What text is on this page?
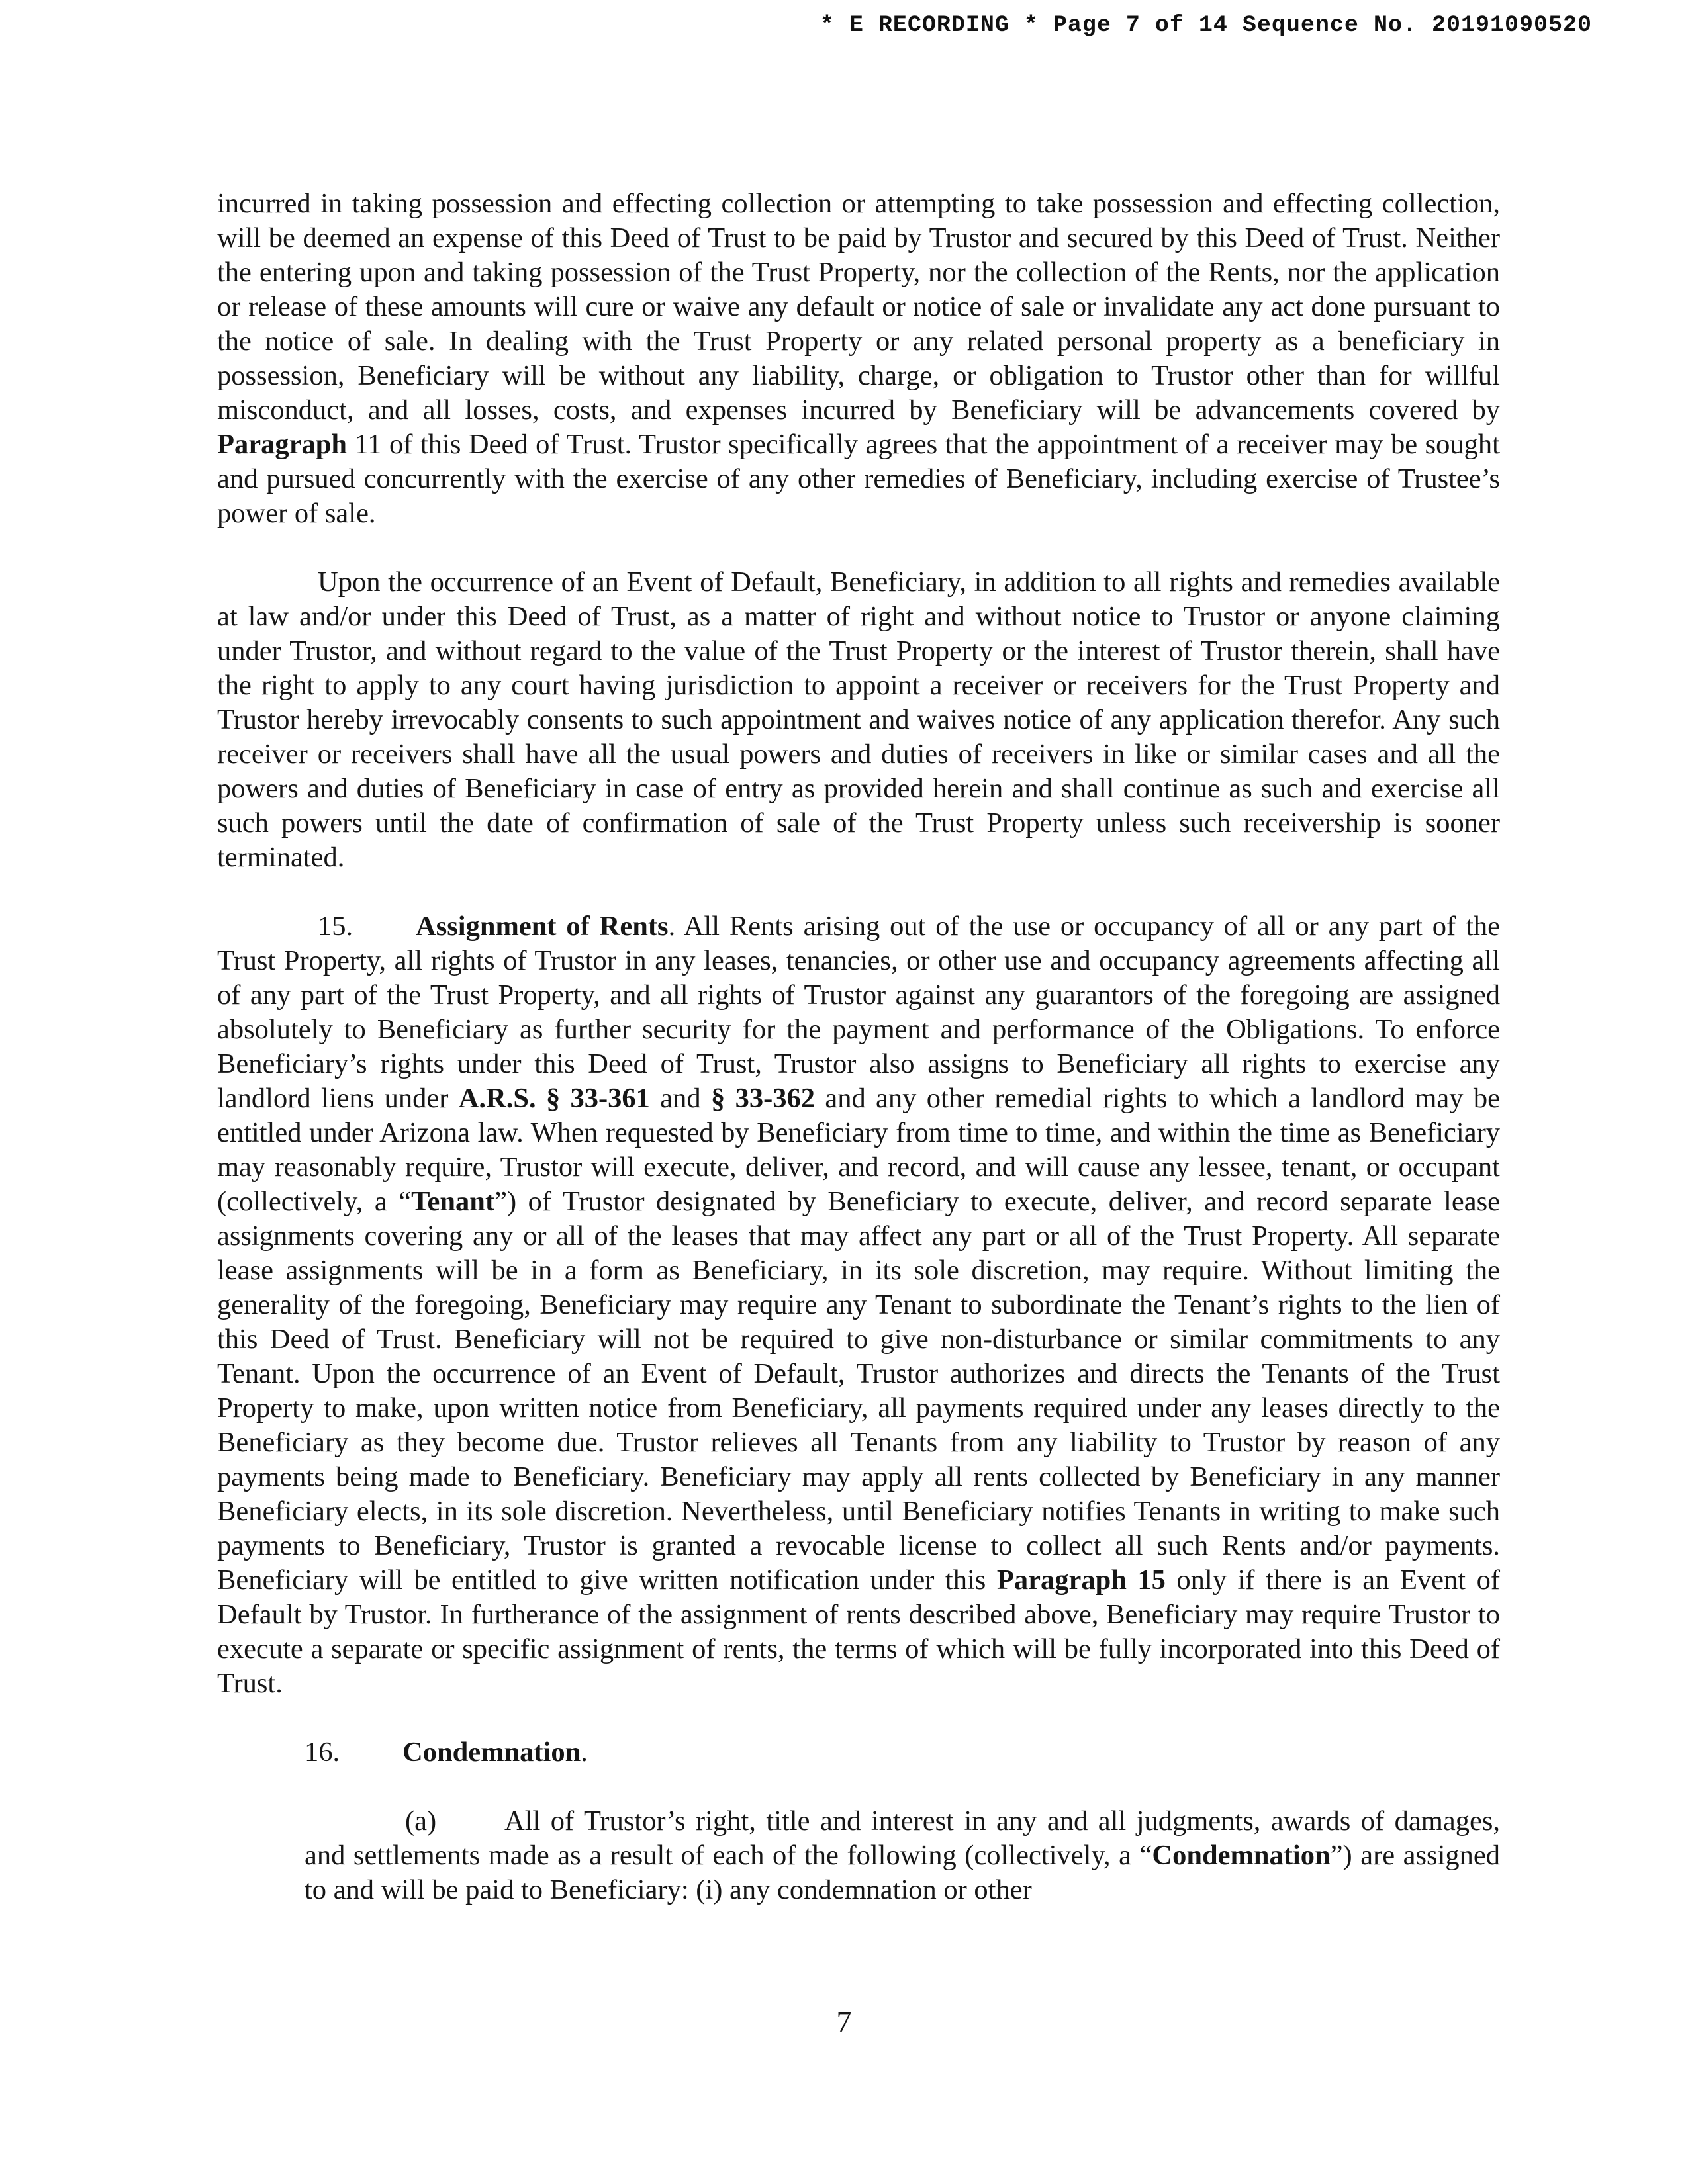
* E RECORDING * Page 7 of 14 Sequence No. 20191090520

incurred in taking possession and effecting collection or attempting to take possession and effecting collection, will be deemed an expense of this Deed of Trust to be paid by Trustor and secured by this Deed of Trust. Neither the entering upon and taking possession of the Trust Property, nor the collection of the Rents, nor the application or release of these amounts will cure or waive any default or notice of sale or invalidate any act done pursuant to the notice of sale. In dealing with the Trust Property or any related personal property as a beneficiary in possession, Beneficiary will be without any liability, charge, or obligation to Trustor other than for willful misconduct, and all losses, costs, and expenses incurred by Beneficiary will be advancements covered by Paragraph 11 of this Deed of Trust. Trustor specifically agrees that the appointment of a receiver may be sought and pursued concurrently with the exercise of any other remedies of Beneficiary, including exercise of Trustee’s power of sale.

Upon the occurrence of an Event of Default, Beneficiary, in addition to all rights and remedies available at law and/or under this Deed of Trust, as a matter of right and without notice to Trustor or anyone claiming under Trustor, and without regard to the value of the Trust Property or the interest of Trustor therein, shall have the right to apply to any court having jurisdiction to appoint a receiver or receivers for the Trust Property and Trustor hereby irrevocably consents to such appointment and waives notice of any application therefor. Any such receiver or receivers shall have all the usual powers and duties of receivers in like or similar cases and all the powers and duties of Beneficiary in case of entry as provided herein and shall continue as such and exercise all such powers until the date of confirmation of sale of the Trust Property unless such receivership is sooner terminated.

15. Assignment of Rents. All Rents arising out of the use or occupancy of all or any part of the Trust Property, all rights of Trustor in any leases, tenancies, or other use and occupancy agreements affecting all of any part of the Trust Property, and all rights of Trustor against any guarantors of the foregoing are assigned absolutely to Beneficiary as further security for the payment and performance of the Obligations. To enforce Beneficiary’s rights under this Deed of Trust, Trustor also assigns to Beneficiary all rights to exercise any landlord liens under A.R.S. § 33-361 and § 33-362 and any other remedial rights to which a landlord may be entitled under Arizona law. When requested by Beneficiary from time to time, and within the time as Beneficiary may reasonably require, Trustor will execute, deliver, and record, and will cause any lessee, tenant, or occupant (collectively, a “Tenant”) of Trustor designated by Beneficiary to execute, deliver, and record separate lease assignments covering any or all of the leases that may affect any part or all of the Trust Property. All separate lease assignments will be in a form as Beneficiary, in its sole discretion, may require. Without limiting the generality of the foregoing, Beneficiary may require any Tenant to subordinate the Tenant’s rights to the lien of this Deed of Trust. Beneficiary will not be required to give non-disturbance or similar commitments to any Tenant. Upon the occurrence of an Event of Default, Trustor authorizes and directs the Tenants of the Trust Property to make, upon written notice from Beneficiary, all payments required under any leases directly to the Beneficiary as they become due. Trustor relieves all Tenants from any liability to Trustor by reason of any payments being made to Beneficiary. Beneficiary may apply all rents collected by Beneficiary in any manner Beneficiary elects, in its sole discretion. Nevertheless, until Beneficiary notifies Tenants in writing to make such payments to Beneficiary, Trustor is granted a revocable license to collect all such Rents and/or payments. Beneficiary will be entitled to give written notification under this Paragraph 15 only if there is an Event of Default by Trustor. In furtherance of the assignment of rents described above, Beneficiary may require Trustor to execute a separate or specific assignment of rents, the terms of which will be fully incorporated into this Deed of Trust.

16. Condemnation.

(a) All of Trustor’s right, title and interest in any and all judgments, awards of damages, and settlements made as a result of each of the following (collectively, a “Condemnation”) are assigned to and will be paid to Beneficiary: (i) any condemnation or other

7
